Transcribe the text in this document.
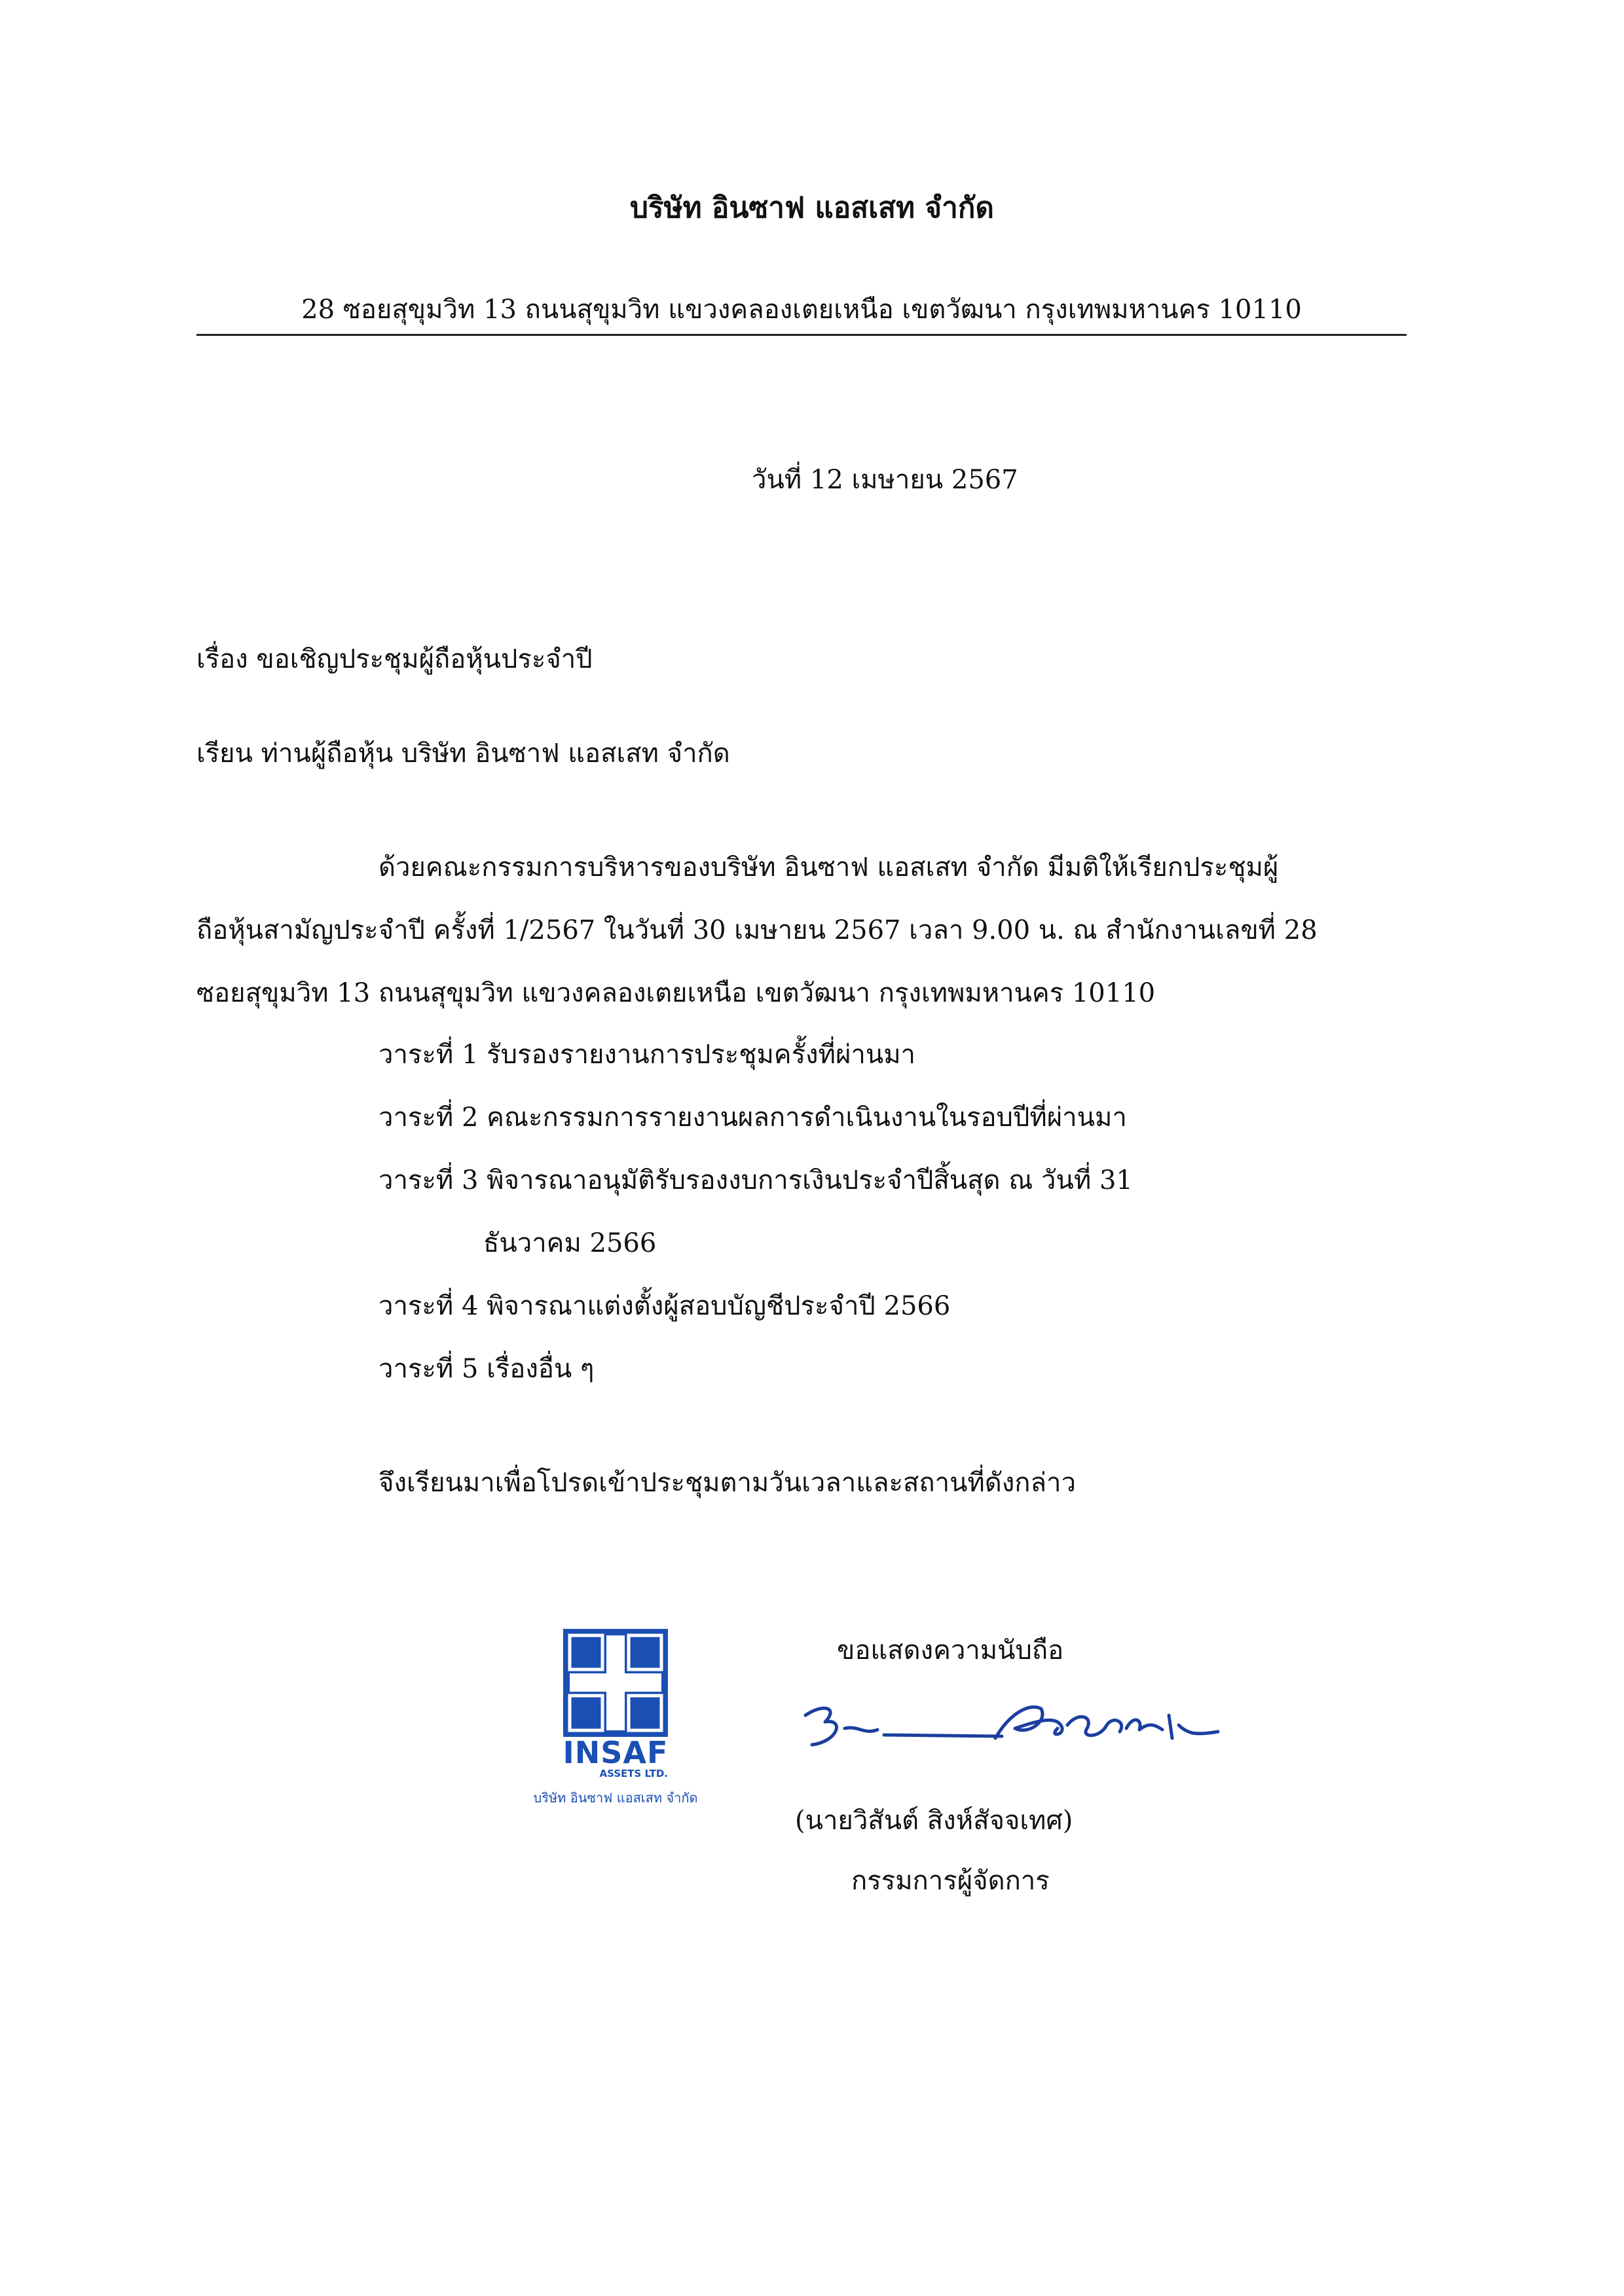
บริษัท อินซาฟ แอสเสท จำกัด
28 ซอยสุขุมวิท 13 ถนนสุขุมวิท แขวงคลองเตยเหนือ เขตวัฒนา กรุงเทพมหานคร 10110
วันที่ 12 เมษายน 2567
เรื่อง ขอเชิญประชุมผู้ถือหุ้นประจำปี
เรียน ท่านผู้ถือหุ้น บริษัท อินซาฟ แอสเสท จำกัด
ด้วยคณะกรรมการบริหารของบริษัท อินซาฟ แอสเสท จำกัด มีมติให้เรียกประชุมผู้
ถือหุ้นสามัญประจำปี ครั้งที่ 1/2567 ในวันที่ 30 เมษายน 2567 เวลา 9.00 น. ณ สำนักงานเลขที่ 28
ซอยสุขุมวิท 13 ถนนสุขุมวิท แขวงคลองเตยเหนือ เขตวัฒนา กรุงเทพมหานคร 10110
วาระที่ 1 รับรองรายงานการประชุมครั้งที่ผ่านมา
วาระที่ 2 คณะกรรมการรายงานผลการดำเนินงานในรอบปีที่ผ่านมา
วาระที่ 3 พิจารณาอนุมัติรับรองงบการเงินประจำปีสิ้นสุด ณ วันที่ 31
ธันวาคม 2566
วาระที่ 4 พิจารณาแต่งตั้งผู้สอบบัญชีประจำปี 2566
วาระที่ 5 เรื่องอื่น ๆ
จึงเรียนมาเพื่อโปรดเข้าประชุมตามวันเวลาและสถานที่ดังกล่าว
INSAF
ASSETS LTD.
บริษัท อินซาฟ แอสเสท จำกัด
ขอแสดงความนับถือ
(นายวิสันต์ สิงห์สัจจเทศ)
กรรมการผู้จัดการ
